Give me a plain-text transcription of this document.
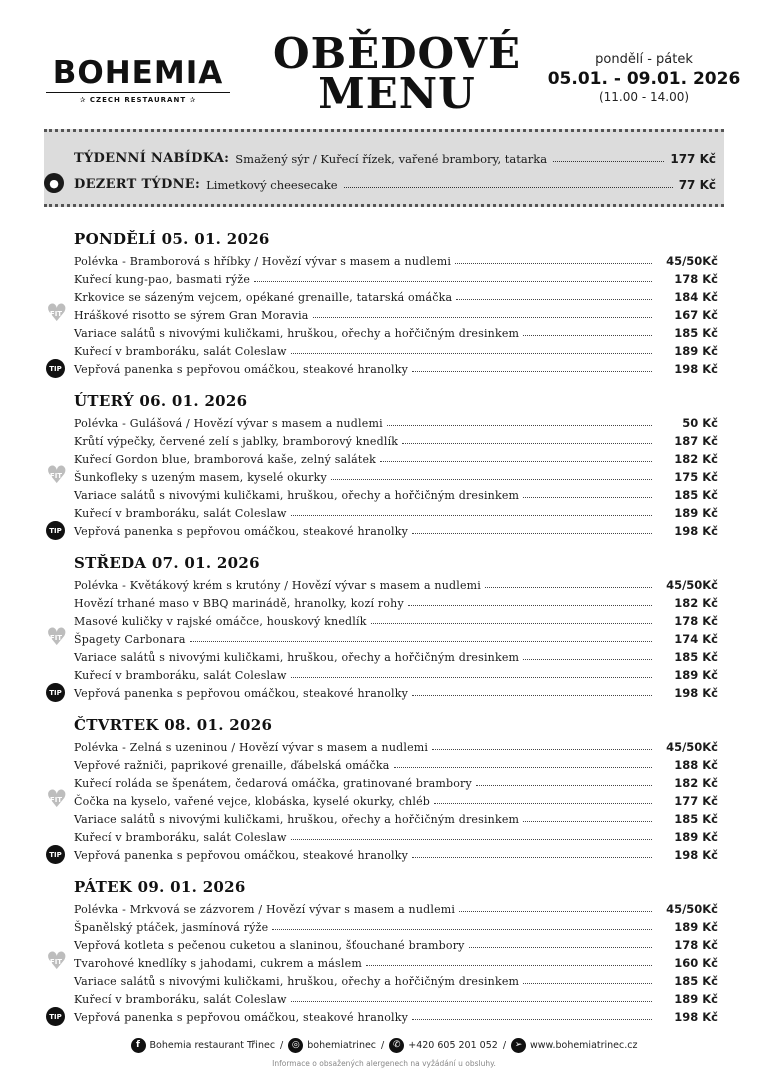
BOHEMIA
✰ CZECH RESTAURANT ✰
OBĚDOVÉ
MENU
pondělí - pátek
05.01. - 09.01. 2026
(11.00 - 14.00)
TÝDENNÍ NABÍDKA: Smažený sýr / Kuřecí řízek, vařené brambory, tatarka	177 Kč
●	DEZERT TÝDNE: Limetkový cheesecake	77 Kč
PONDĚLÍ 05. 01. 2026
Polévka - Bramborová s hříbky / Hovězí vývar s masem a nudlemi	45/50Kč
Kuřecí kung-pao, basmati rýže	178 Kč
Krkovice se sázeným vejcem, opékané grenaille, tatarská omáčka	184 Kč
♥ FIT Hráškové risotto se sýrem Gran Moravia	167 Kč
Variace salátů s nivovými kuličkami, hruškou, ořechy a hořčičným dresinkem	185 Kč
Kuřecí v bramboráku, salát Coleslaw	189 Kč
TIP Vepřová panenka s pepřovou omáčkou, steakové hranolky	198 Kč
ÚTERÝ 06. 01. 2026
Polévka - Gulášová / Hovězí vývar s masem a nudlemi	50 Kč
Krůtí výpečky, červené zelí s jablky, bramborový knedlík	187 Kč
Kuřecí Gordon blue, bramborová kaše, zelný salátek	182 Kč
♥ FIT Šunkofleky s uzeným masem, kyselé okurky	175 Kč
Variace salátů s nivovými kuličkami, hruškou, ořechy a hořčičným dresinkem	185 Kč
Kuřecí v bramboráku, salát Coleslaw	189 Kč
TIP Vepřová panenka s pepřovou omáčkou, steakové hranolky	198 Kč
STŘEDA 07. 01. 2026
Polévka - Květákový krém s krutóny / Hovězí vývar s masem a nudlemi	45/50Kč
Hovězí trhané maso v BBQ marinádě, hranolky, kozí rohy	182 Kč
Masové kuličky v rajské omáčce, houskový knedlík	178 Kč
♥ FIT Špagety Carbonara	174 Kč
Variace salátů s nivovými kuličkami, hruškou, ořechy a hořčičným dresinkem	185 Kč
Kuřecí v bramboráku, salát Coleslaw	189 Kč
TIP Vepřová panenka s pepřovou omáčkou, steakové hranolky	198 Kč
ČTVRTEK 08. 01. 2026
Polévka - Zelná s uzeninou / Hovězí vývar s masem a nudlemi	45/50Kč
Vepřové ražniči, paprikové grenaille, ďábelská omáčka	188 Kč
Kuřecí roláda se špenátem, čedarová omáčka, gratinované brambory	182 Kč
♥ FIT Čočka na kyselo, vařené vejce, klobáska, kyselé okurky, chléb	177 Kč
Variace salátů s nivovými kuličkami, hruškou, ořechy a hořčičným dresinkem	185 Kč
Kuřecí v bramboráku, salát Coleslaw	189 Kč
TIP Vepřová panenka s pepřovou omáčkou, steakové hranolky	198 Kč
PÁTEK 09. 01. 2026
Polévka - Mrkvová se zázvorem / Hovězí vývar s masem a nudlemi	45/50Kč
Španělský ptáček, jasmínová rýže	189 Kč
Vepřová kotleta s pečenou cuketou a slaninou, šťouchané brambory	178 Kč
♥ FIT Tvarohové knedlíky s jahodami, cukrem a máslem	160 Kč
Variace salátů s nivovými kuličkami, hruškou, ořechy a hořčičným dresinkem	185 Kč
Kuřecí v bramboráku, salát Coleslaw	189 Kč
TIP Vepřová panenka s pepřovou omáčkou, steakové hranolky	198 Kč
f	Bohemia restaurant Třinec / ◎ bohemiatrinec / ✆ +420 605 201 052 / ➢ www.bohemiatrinec.cz
Informace o obsažených alergenech na vyžádání u obsluhy.
